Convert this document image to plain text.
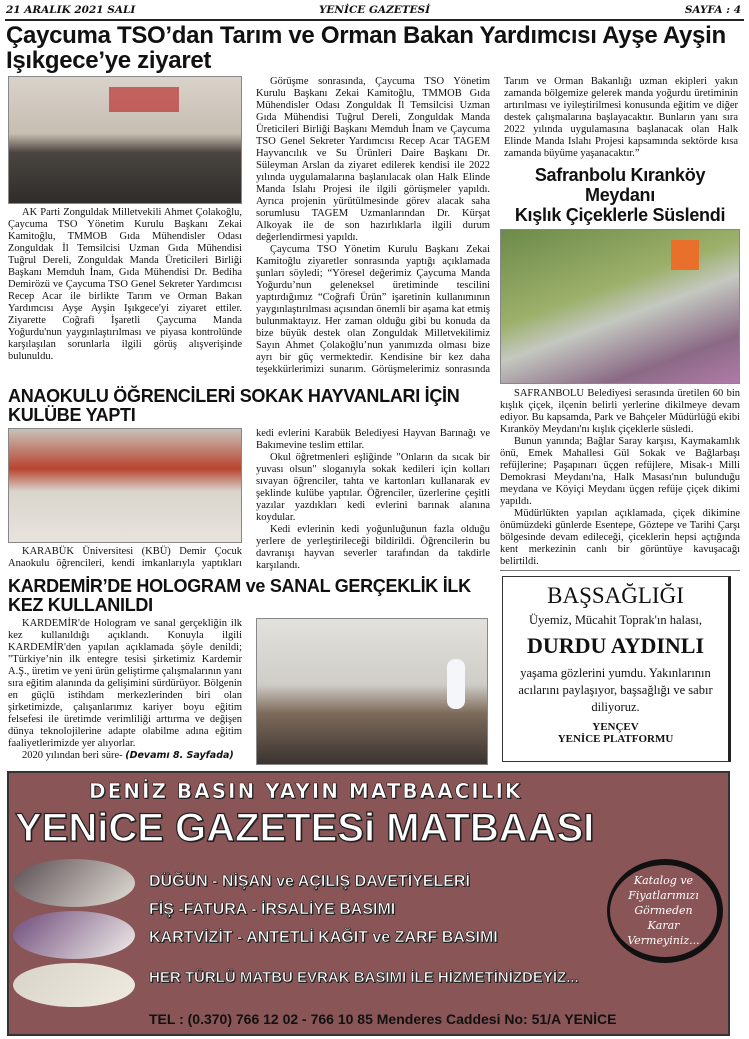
21 ARALIK 2021 SALI	YENİCE GAZETESİ	SAYFA : 4
Çaycuma TSO’dan Tarım ve Orman Bakan Yardımcısı Ayşe Ayşin Işıkgece’ye ziyaret

AK Parti Zonguldak Milletvekili Ahmet Çolakoğlu, Çaycuma TSO Yönetim Kurulu Başkanı Zekai Kamitoğlu, TMMOB Gıda Mühendisler Odası Zonguldak İl Temsilcisi Uzman Gıda Mühendisi Tuğrul Dereli, Zonguldak Manda Üreticileri Birliği Başkanı Memduh İnam, Gıda Mühendisi Dr. Bediha Demirözü ve Çaycuma TSO Genel Sekreter Yardımcısı Recep Acar ile birlikte Tarım ve Orman Bakan Yardımcısı Ayşe Ayşin Işıkgece'yi ziyaret ettiler. Ziyarette Coğrafi İşaretli Çaycuma Manda Yoğurdu'nun yaygınlaştırılması ve piyasa kontrolünde karşılaşılan sorunlarla ilgili görüş alışverişinde bulunuldu.

Görüşme sonrasında, Çaycuma TSO Yönetim Kurulu Başkanı Zekai Kamitoğlu, TMMOB Gıda Mühendisler Odası Zonguldak İl Temsilcisi Uzman Gıda Mühendisi Tuğrul Dereli, Zonguldak Manda Üreticileri Birliği Başkanı Memduh İnam ve Çaycuma TSO Genel Sekreter Yardımcısı Recep Acar TAGEM Hayvancılık ve Su Ürünleri Daire Başkanı Dr. Süleyman Arslan da ziyaret edilerek kendisi ile 2022 yılında uygulamalarına başlanılacak olan Halk Elinde Manda Islahı Projesi ile ilgili görüşmeler yapıldı. Ayrıca projenin yürütülmesinde görev alacak saha sorumlusu TAGEM Uzmanlarından Dr. Kürşat Alkoyak ile de son hazırlıklarla ilgili durum değerlendirmesi yapıldı.

Çaycuma TSO Yönetim Kurulu Başkanı Zekai Kamitoğlu ziyaretler sonrasında yaptığı açıklamada şunları söyledi; “Yöresel değerimiz Çaycuma Manda Yoğurdu’nun geleneksel üretiminde tescilini yaptırdığımız “Coğrafi Ürün” işaretinin kullanımının yaygınlaştırılması açısından önemli bir aşama kat etmiş bulunmaktayız. Her zaman olduğu gibi bu konuda da bize büyük destek olan Zonguldak Milletvekilimiz Sayın Ahmet Çolakoğlu’nun yanımızda olması bize ayrı bir güç vermektedir. Kendisine bir kez daha teşekkürlerimizi sunarım. Görüşmelerimiz sonrasında Tarım ve Orman Bakanlığı uzman ekipleri yakın zamanda bölgemize gelerek manda yoğurdu üretiminin artırılması ve iyileştirilmesi konusunda eğitim ve diğer destek çalışmalarına başlayacaktır. Bunların yanı sıra 2022 yılında uygulamasına başlanacak olan Halk Elinde Manda Islahı Projesi kapsamında sektörde kısa zamanda büyüme yaşanacaktır.”

ANAOKULU ÖĞRENCİLERİ SOKAK HAYVANLARI İÇİN KULÜBE YAPTI

KARABÜK Üniversitesi (KBÜ) Demir Çocuk Anaokulu öğrencileri, kendi imkanlarıyla yaptıkları kedi evlerini Karabük Belediyesi Hayvan Barınağı ve Bakımevine teslim ettilar.

Okul öğretmenleri eşliğinde "Onların da sıcak bir yuvası olsun" sloganıyla sokak kedileri için kolları sıvayan öğrenciler, tahta ve kartonları kullanarak ev şeklinde kulübe yaptılar. Öğrenciler, üzerlerine çeşitli yazılar yazdıkları kedi evlerini barınak alanına koydular.

Kedi evlerinin kedi yoğunluğunun fazla olduğu yerlere de yerleştirileceği bildirildi. Öğrencilerin bu davranışı hayvan severler tarafından da takdirle karşılandı.

KARDEMİR’DE HOLOGRAM ve SANAL GERÇEKLİK İLK KEZ KULLANILDI

KARDEMİR'de Hologram ve sanal gerçekliğin ilk kez kullanıldığı açıklandı. Konuyla ilgili KARDEMİR'den yapılan açıklamada şöyle denildi; "Türkiye’nin ilk entegre tesisi şirketimiz Kardemir A.Ş., üretim ve yeni ürün geliştirme çalışmalarının yanı sıra eğitim alanında da gelişimini sürdürüyor. Bölgenin en güçlü istihdam merkezlerinden biri olan şirketimizde, çalışanlarımız kariyer boyu eğitim felsefesi ile üretimde verimliliği arttırma ve değişen dünya teknolojilerine adapte olabilme adına eğitim faaliyetlerimizde yer alıyorlar.

2020 yılından beri süre- (Devamı 8. Sayfada)

Safranbolu Kıranköy Meydanı
Kışlık Çiçeklerle Süslendi

SAFRANBOLU Belediyesi serasında üretilen 60 bin kışlık çiçek, ilçenin belirli yerlerine dikilmeye devam ediyor. Bu kapsamda, Park ve Bahçeler Müdürlüğü ekibi Kıranköy Meydanı'nı kışlık çiçeklerle süsledi.

Bunun yanında; Bağlar Saray karşısı, Kaymakamlık önü, Emek Mahallesi Gül Sokak ve Bağlarbaşı refüjlerine; Paşapınarı üçgen refüjlere, Misak-ı Milli Demokrasi Meydanı'na, Halk Masası'nın bulunduğu meydana ve Köyiçi Meydanı üçgen refüje çiçek dikimi yapıldı.

Müdürlükten yapılan açıklamada, çiçek dikimine önümüzdeki günlerde Esentepe, Göztepe ve Tarihi Çarşı bölgesinde devam edileceği, çiceklerin hepsi açtığında kent merkezinin canlı bir görüntüye kavuşacağı belirtildi.

BAŞSAĞLIĞI
Üyemiz, Mücahit Toprak'ın halası,
DURDU AYDINLI
yaşama gözlerini yumdu. Yakınlarının acılarını paylaşıyor, başsağlığı ve sabır diliyoruz.
YENÇEV
YENİCE PLATFORMU
DENİZ BASIN YAYIN MATBAACILIK
YENiCE GAZETESi MATBAASI
DÜĞÜN - NİŞAN ve AÇILIŞ DAVETİYELERİ
FİŞ -FATURA - İRSALİYE BASIMI
KARTVİZİT - ANTETLİ KAĞIT ve ZARF BASIMI
HER TÜRLÜ MATBU EVRAK BASIMI İLE HİZMETİNİZDEYİZ...
Katalog ve
Fiyatlarımızı
Görmeden
Karar
Vermeyiniz...
TEL : (0.370) 766 12 02 - 766 10 85 Menderes Caddesi No: 51/A YENİCE
